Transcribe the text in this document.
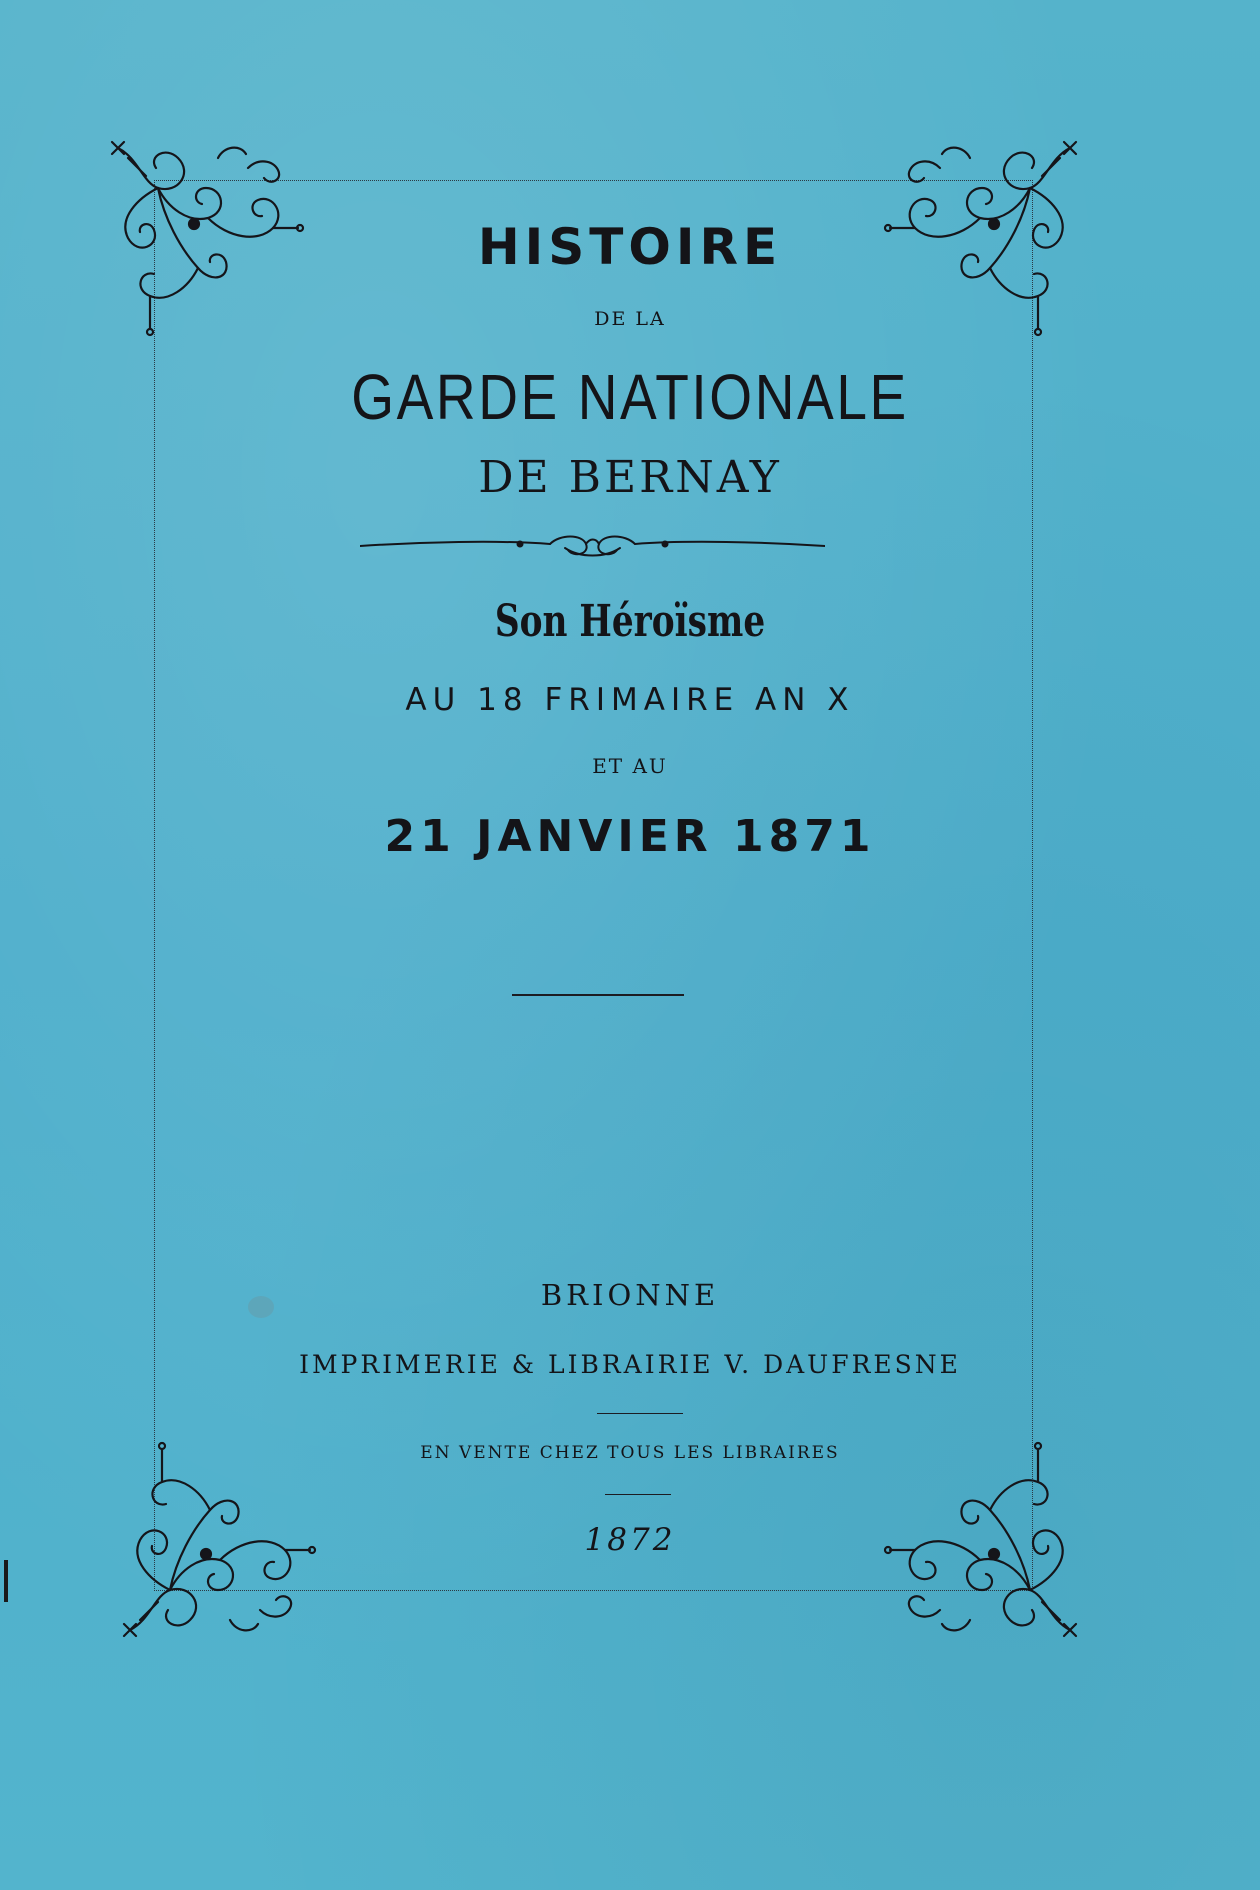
HISTOIRE

DE LA

GARDE NATIONALE

DE BERNAY

Son Héroïsme

AU 18 FRIMAIRE AN X

ET AU

21 JANVIER 1871

BRIONNE

IMPRIMERIE & LIBRAIRIE V. DAUFRESNE

EN VENTE CHEZ TOUS LES LIBRAIRES

1872
